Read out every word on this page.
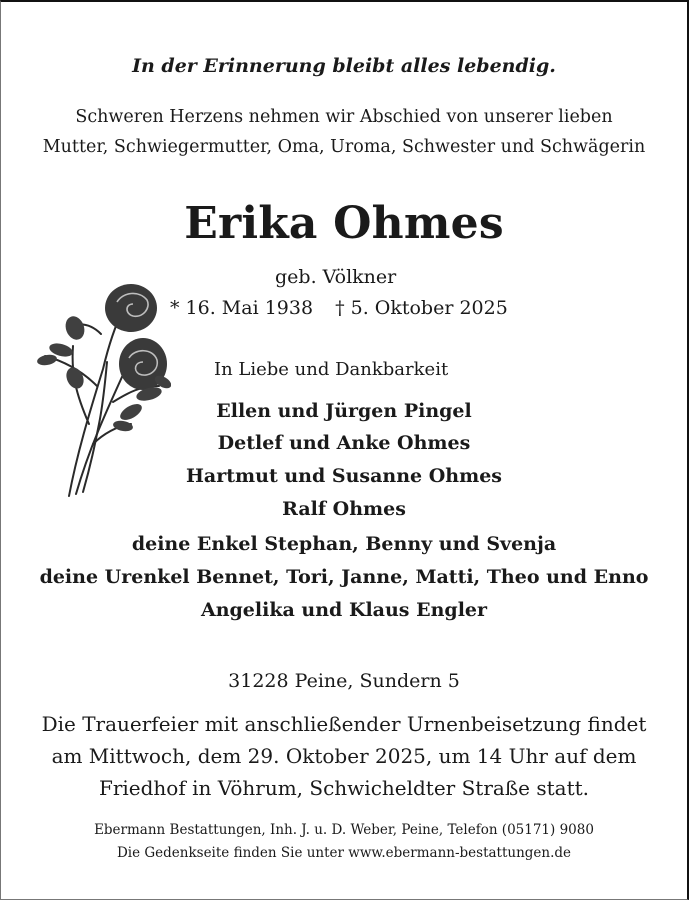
In der Erinnerung bleibt alles lebendig.
Schweren Herzens nehmen wir Abschied von unserer lieben
Mutter, Schwiegermutter, Oma, Uroma, Schwester und Schwägerin
Erika Ohmes
geb. Völkner
* 16. Mai 1938 † 5. Oktober 2025
In Liebe und Dankbarkeit
Ellen und Jürgen Pingel
Detlef und Anke Ohmes
Hartmut und Susanne Ohmes
Ralf Ohmes
deine Enkel Stephan, Benny und Svenja
deine Urenkel Bennet, Tori, Janne, Matti, Theo und Enno
Angelika und Klaus Engler
31228 Peine, Sundern 5
Die Trauerfeier mit anschließender Urnenbeisetzung findet
am Mittwoch, dem 29. Oktober 2025, um 14 Uhr auf dem
Friedhof in Vöhrum, Schwicheldter Straße statt.
Ebermann Bestattungen, Inh. J. u. D. Weber, Peine, Telefon (05171) 9080
Die Gedenkseite finden Sie unter www.ebermann-bestattungen.de
